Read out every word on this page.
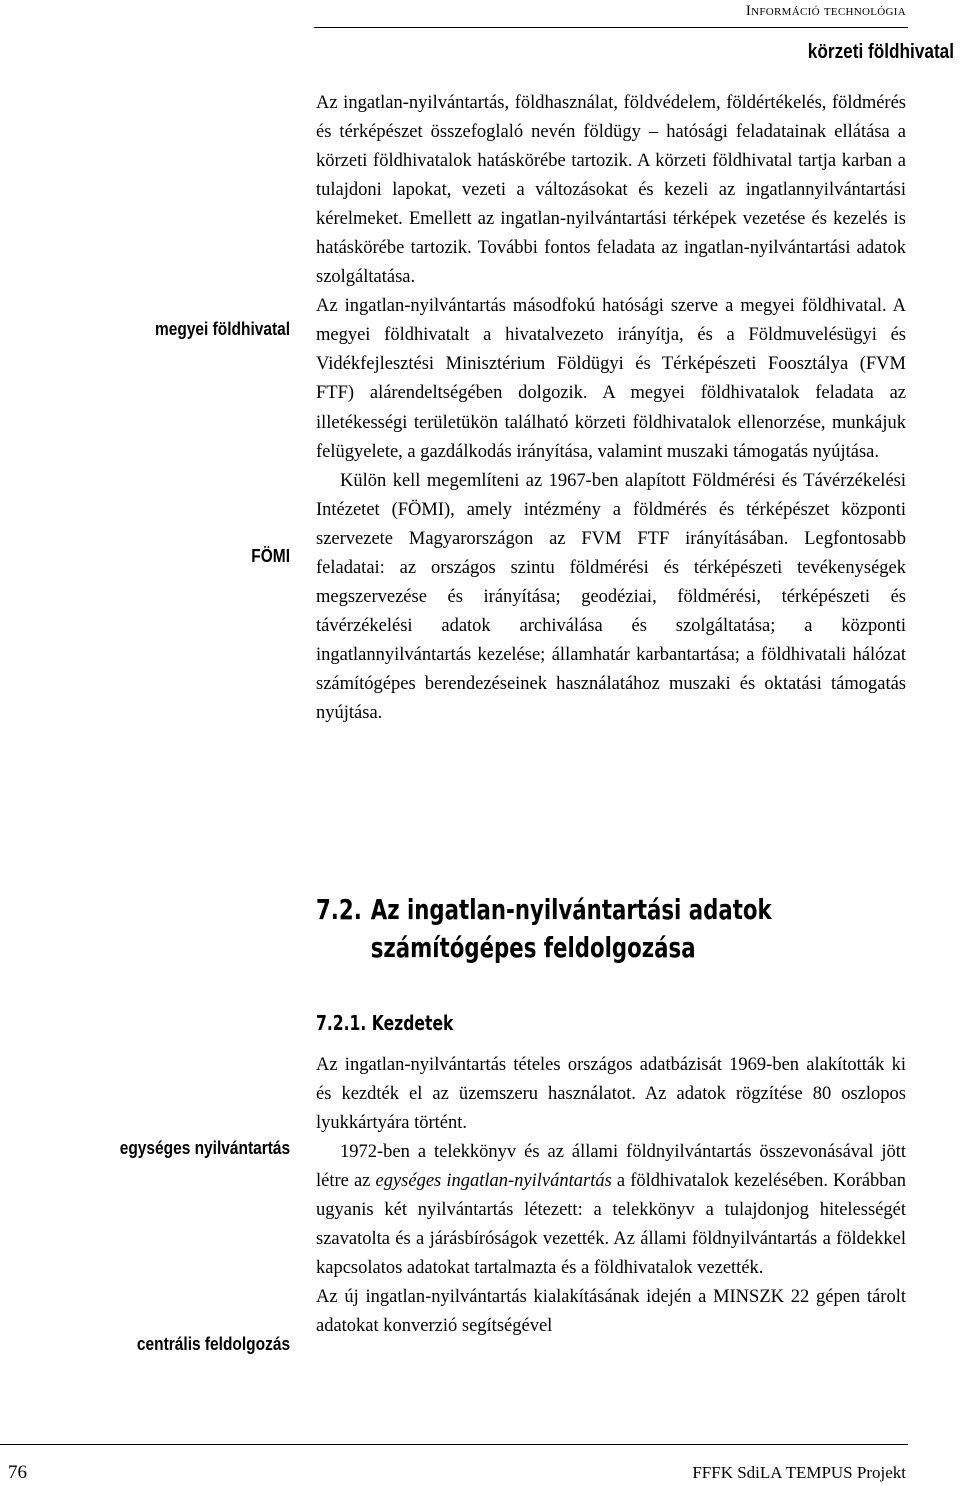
Információ technológia
körzeti földhivatal
megyei földhivatal
FÖMI
egységes nyilvántartás
centrális feldolgozás

Az ingatlan-nyilvántartás, földhasználat, földvédelem, földértékelés, földmérés és térképészet összefoglaló nevén földügy – hatósági feladatainak ellátása a körzeti földhivatalok hatáskörébe tartozik. A körzeti földhivatal tartja karban a tulajdoni lapokat, vezeti a változásokat és kezeli az ingatlannyilvántartási kérelmeket. Emellett az ingatlan-nyilvántartási térképek vezetése és kezelés is hatáskörébe tartozik. További fontos feladata az ingatlan-nyilvántartási adatok szolgáltatása.

Az ingatlan-nyilvántartás másodfokú hatósági szerve a megyei földhivatal. A megyei földhivatalt a hivatalvezeto irányítja, és a Földmuvelésügyi és Vidékfejlesztési Minisztérium Földügyi és Térképészeti Foosztálya (FVM FTF) alárendeltségében dolgozik. A megyei földhivatalok feladata az illetékességi területükön található körzeti földhivatalok ellenorzése, munkájuk felügyelete, a gazdálkodás irányítása, valamint muszaki támogatás nyújtása.

Külön kell megemlíteni az 1967-ben alapított Földmérési és Távérzékelési Intézetet (FÖMI), amely intézmény a földmérés és térképészet központi szervezete Magyarországon az FVM FTF irányításában. Legfontosabb feladatai: az országos szintu földmérési és térképészeti tevékenységek megszervezése és irányítása; geodéziai, földmérési, térképészeti és távérzékelési adatok archiválása és szolgáltatása; a központi ingatlannyilvántartás kezelése; államhatár karbantartása; a földhivatali hálózat számítógépes berendezéseinek használatához muszaki és oktatási támogatás nyújtása.

7.2. Az ingatlan-nyilvántartási adatok
számítógépes feldolgozása
7.2.1. Kezdetek

Az ingatlan-nyilvántartás tételes országos adatbázisát 1969-ben alakították ki és kezdték el az üzemszeru használatot. Az adatok rögzítése 80 oszlopos lyukkártyára történt.

1972-ben a telekkönyv és az állami földnyilvántartás összevonásával jött létre az egységes ingatlan-nyilvántartás a földhivatalok kezelésében. Korábban ugyanis két nyilvántartás létezett: a telekkönyv a tulajdonjog hitelességét szavatolta és a járásbíróságok vezették. Az állami földnyilvántartás a földekkel kapcsolatos adatokat tartalmazta és a földhivatalok vezették.

Az új ingatlan-nyilvántartás kialakításának idején a MINSZK 22 gépen tárolt adatokat konverzió segítségével

76	FFFK SdiLA TEMPUS Projekt
